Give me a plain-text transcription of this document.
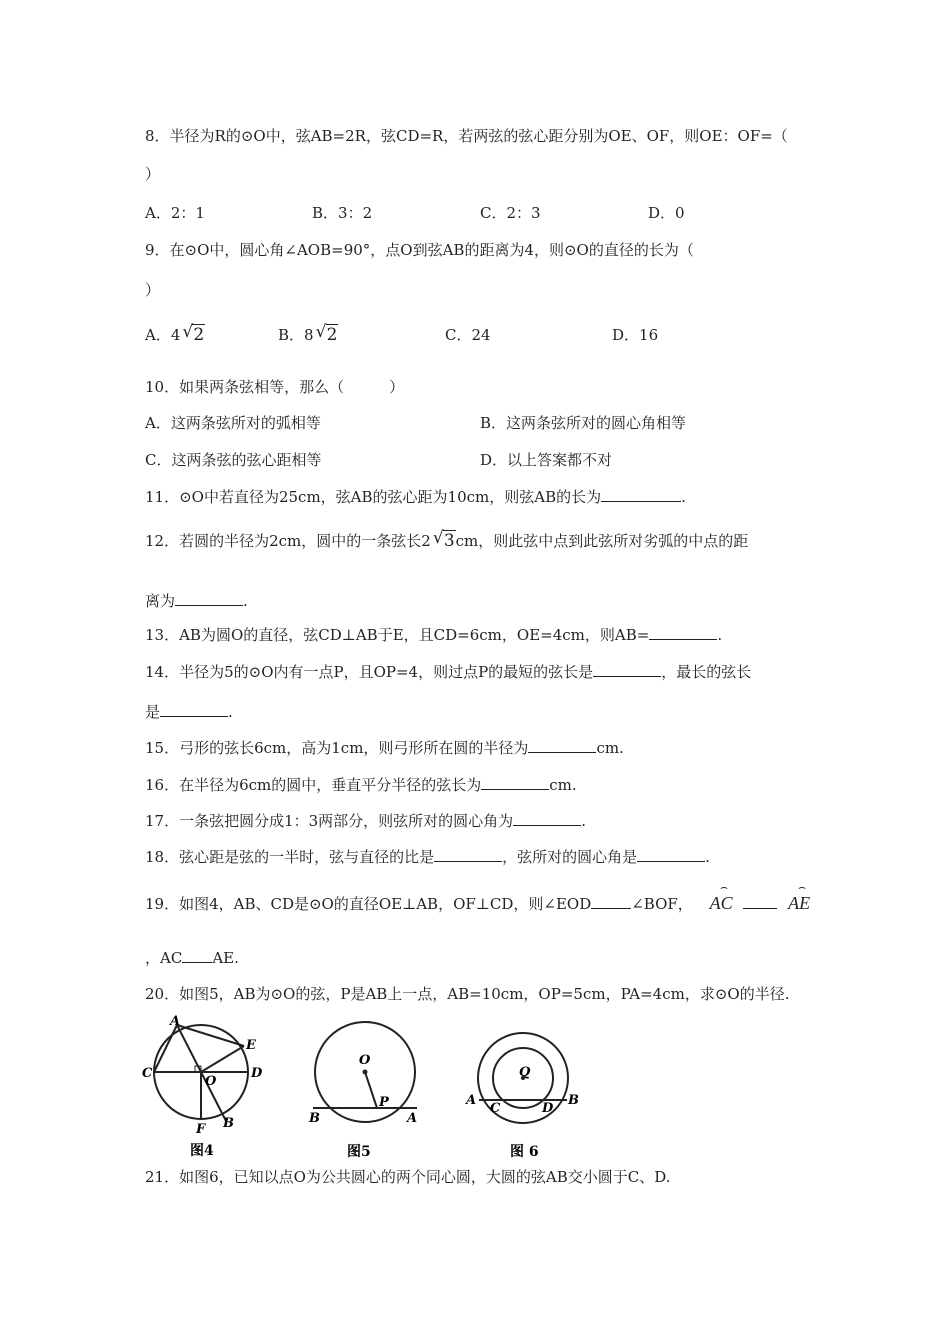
8．半径为R的⊙O中，弦AB=2R，弦CD=R，若两弦的弦心距分别为OE、OF，则OE：OF=（
）
A．2：1	B．3：2	C．2：3	D．0
9．在⊙O中，圆心角∠AOB=90°，点O到弦AB的距离为4，则⊙O的直径的长为（
）
A．4 √ 2	B．8 √ 2	C．24	D．16
10．如果两条弦相等，那么（　　　）
A．这两条弦所对的弧相等	B．这两条弦所对的圆心角相等
C．这两条弦的弦心距相等	D．以上答案都不对
11．⊙O中若直径为25cm，弦AB的弦心距为10cm，则弦AB的长为	.
12．若圆的半径为2cm，圆中的一条弦长2 √ 3cm，则此弦中点到此弦所对劣弧的中点的距
离为	.
13．AB为圆O的直径，弦CD⊥AB于E，且CD=6cm，OE=4cm，则AB=	.
14．半径为5的⊙O内有一点P，且OP=4，则过点P的最短的弦长是	，最长的弦长
是	.
15．弓形的弦长6cm，高为1cm，则弓形所在圆的半径为	cm.
16．在半径为6cm的圆中，垂直平分半径的弦长为	cm.
17．一条弦把圆分成1：3两部分，则弦所对的圆心角为	.
18．弦心距是弦的一半时，弦与直径的比是	，弦所对的圆心角是	.
19．如图4，AB、CD是⊙O的直径OE⊥AB，OF⊥CD，则∠EOD	∠BOF，
⌢
AC
⌢
AE
，AC AE.
20．如图5，AB为⊙O的弦，P是AB上一点，AB=10cm，OP=5cm，PA=4cm，求⊙O的半径.
A
E
C
O
D
F B
图4
O
B
P
A
图5
Q
A
C	D
B
图 6
21．如图6，已知以点O为公共圆心的两个同心圆，大圆的弦AB交小圆于C、D.
